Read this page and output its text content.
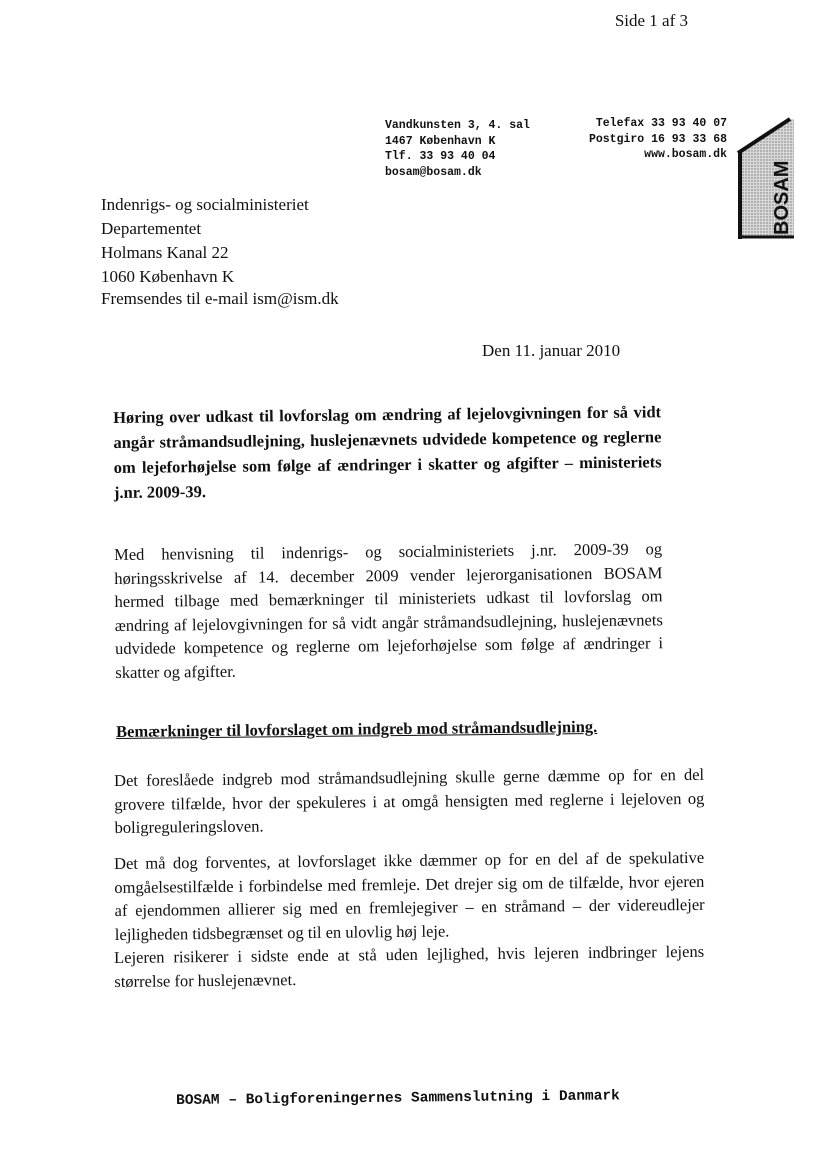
Side 1 af 3
Vandkunsten 3, 4. sal
1467 København K
Tlf. 33 93 40 04
bosam@bosam.dk
Telefax 33 93 40 07
Postgiro 16 93 33 68
www.bosam.dk
BOSAM
Indenrigs- og socialministeriet
Departementet
Holmans Kanal 22
1060 København K
Fremsendes til e-mail ism@ism.dk
Den 11. januar 2010
Høring over udkast til lovforslag om ændring af lejelovgivningen for så vidt angår stråmandsudlejning, huslejenævnets udvidede kompetence og reglerne om lejeforhøjelse som følge af ændringer i skatter og afgifter – ministeriets j.nr. 2009-39.
Med henvisning til indenrigs- og socialministeriets j.nr. 2009-39 og høringsskrivelse af 14. december 2009 vender lejerorganisationen BOSAM hermed tilbage med bemærkninger til ministeriets udkast til lovforslag om ændring af lejelovgivningen for så vidt angår stråmandsudlejning, huslejenævnets udvidede kompetence og reglerne om lejeforhøjelse som følge af ændringer i skatter og afgifter.
Bemærkninger til lovforslaget om indgreb mod stråmandsudlejning.
Det foreslåede indgreb mod stråmandsudlejning skulle gerne dæmme op for en del grovere tilfælde, hvor der spekuleres i at omgå hensigten med reglerne i lejeloven og boligreguleringsloven.
Det må dog forventes, at lovforslaget ikke dæmmer op for en del af de spekulative omgåelsestilfælde i forbindelse med fremleje. Det drejer sig om de tilfælde, hvor ejeren af ejendommen allierer sig med en fremlejegiver – en stråmand – der videreudlejer lejligheden tidsbegrænset og til en ulovlig høj leje.
Lejeren risikerer i sidste ende at stå uden lejlighed, hvis lejeren indbringer lejens størrelse for huslejenævnet.
BOSAM – Boligforeningernes Sammenslutning i Danmark
